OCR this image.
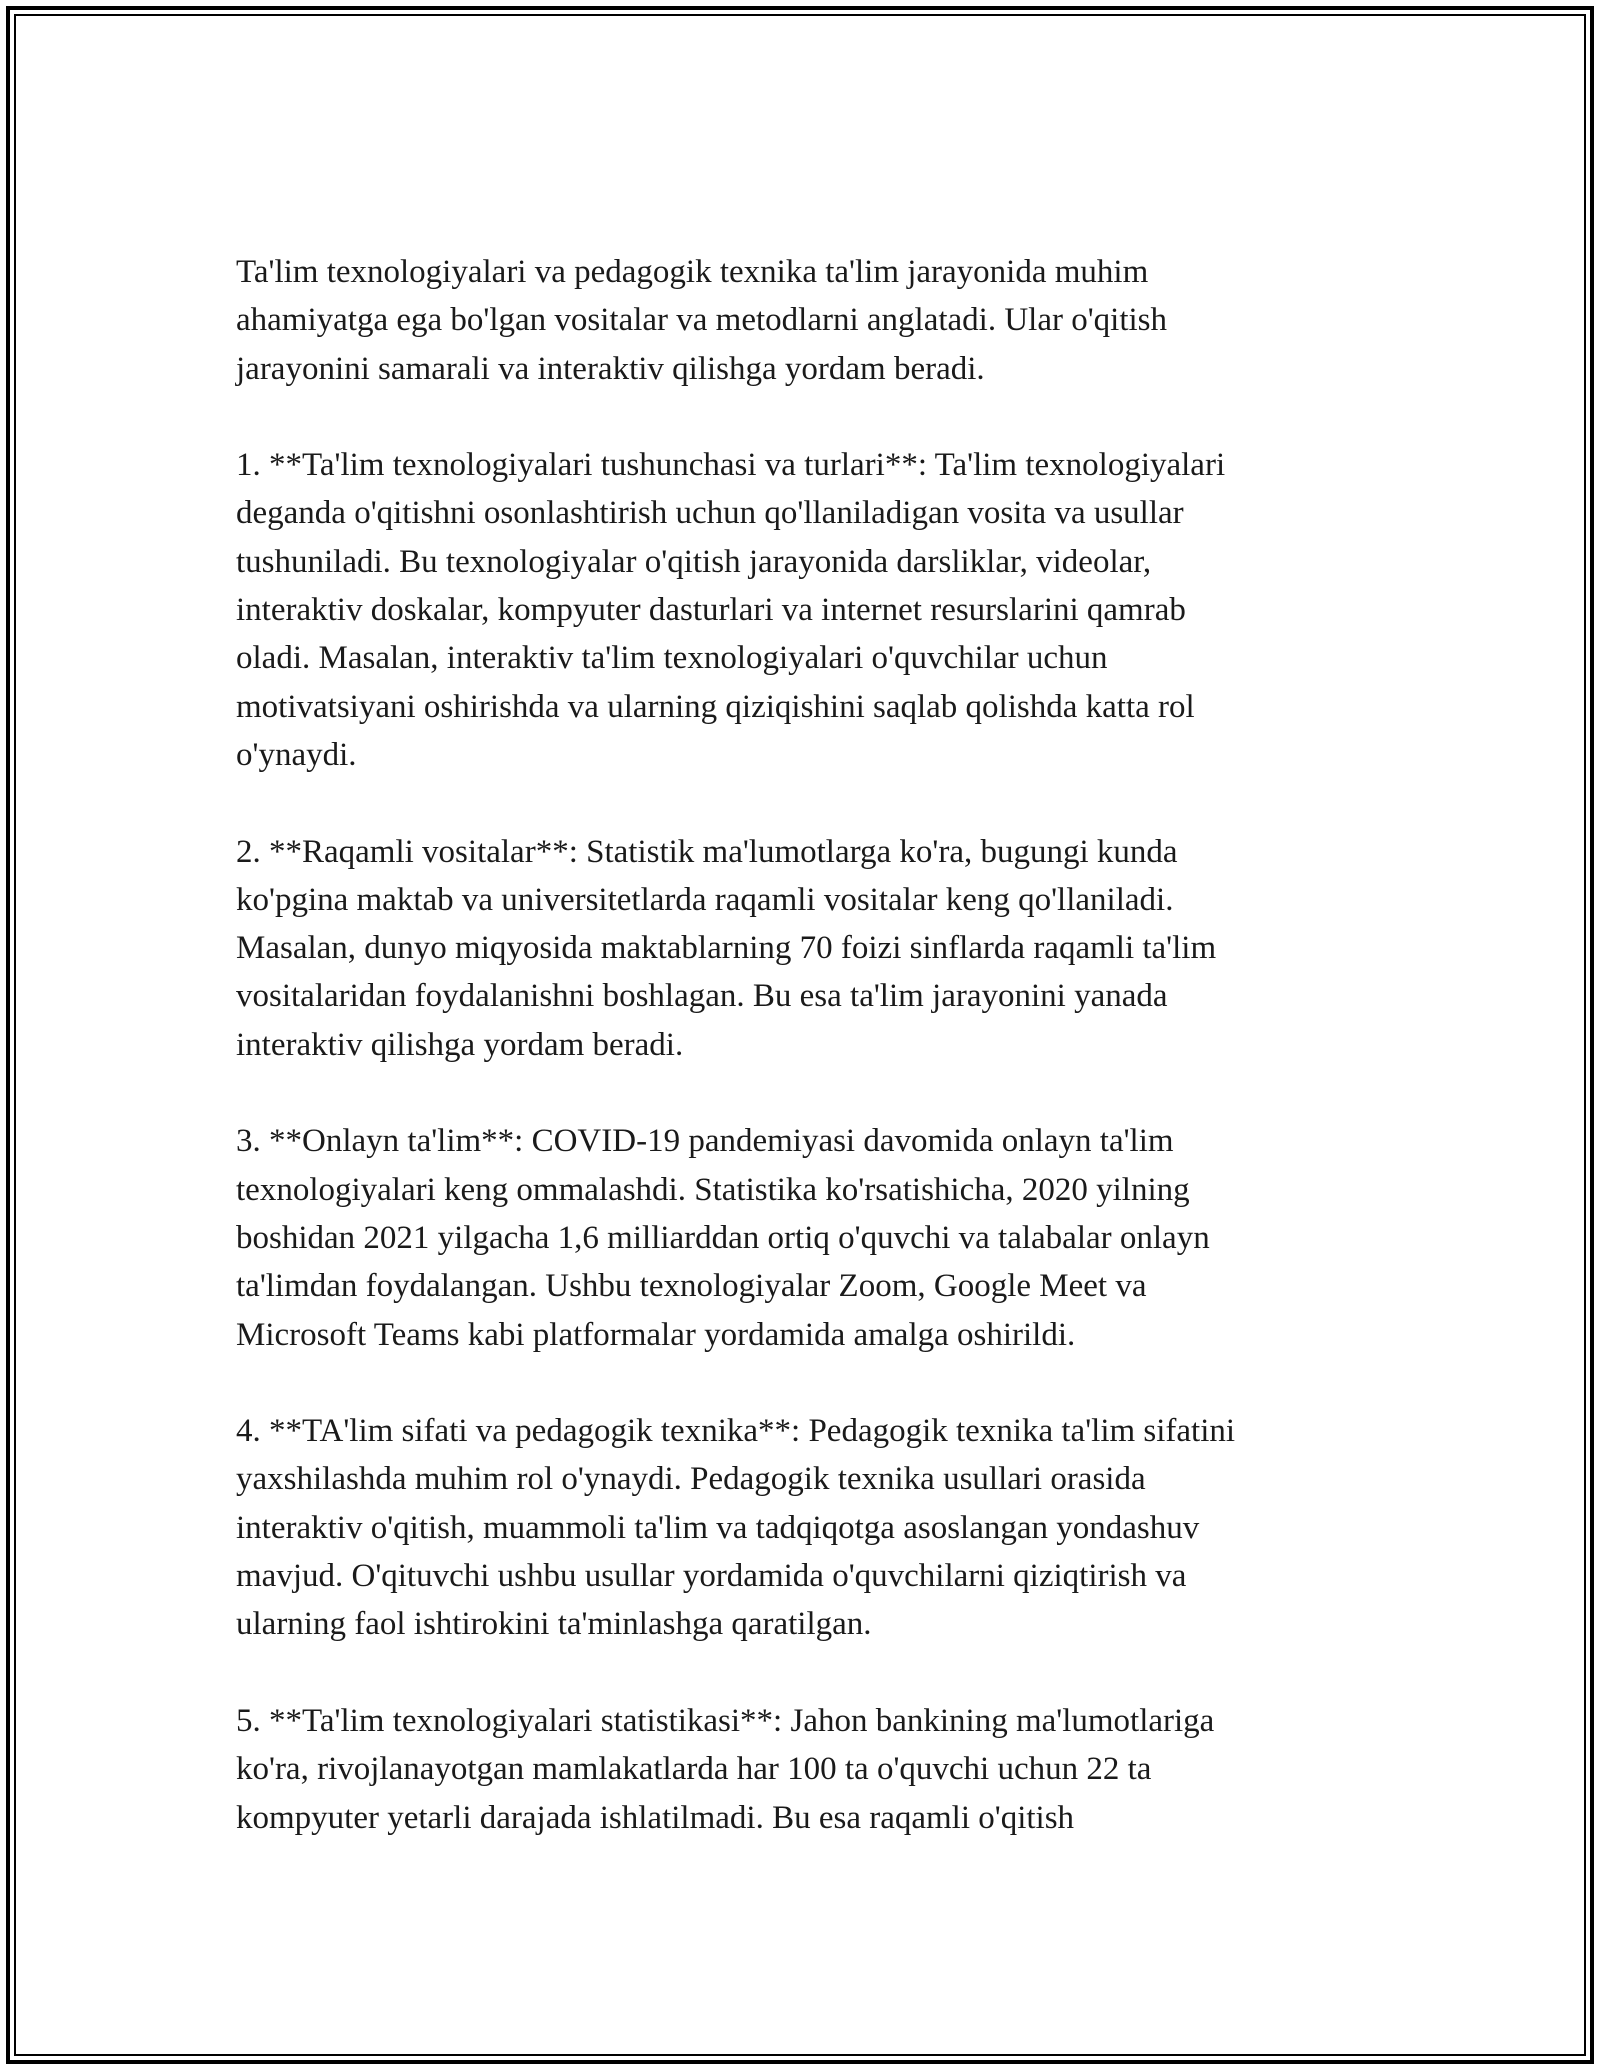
Ta'lim texnologiyalari va pedagogik texnika ta'lim jarayonida muhim
ahamiyatga ega bo'lgan vositalar va metodlarni anglatadi. Ular o'qitish
jarayonini samarali va interaktiv qilishga yordam beradi.
1. **Ta'lim texnologiyalari tushunchasi va turlari**: Ta'lim texnologiyalari
deganda o'qitishni osonlashtirish uchun qo'llaniladigan vosita va usullar
tushuniladi. Bu texnologiyalar o'qitish jarayonida darsliklar, videolar,
interaktiv doskalar, kompyuter dasturlari va internet resurslarini qamrab
oladi. Masalan, interaktiv ta'lim texnologiyalari o'quvchilar uchun
motivatsiyani oshirishda va ularning qiziqishini saqlab qolishda katta rol
o'ynaydi.
2. **Raqamli vositalar**: Statistik ma'lumotlarga ko'ra, bugungi kunda
ko'pgina maktab va universitetlarda raqamli vositalar keng qo'llaniladi.
Masalan, dunyo miqyosida maktablarning 70 foizi sinflarda raqamli ta'lim
vositalaridan foydalanishni boshlagan. Bu esa ta'lim jarayonini yanada
interaktiv qilishga yordam beradi.
3. **Onlayn ta'lim**: COVID-19 pandemiyasi davomida onlayn ta'lim
texnologiyalari keng ommalashdi. Statistika ko'rsatishicha, 2020 yilning
boshidan 2021 yilgacha 1,6 milliarddan ortiq o'quvchi va talabalar onlayn
ta'limdan foydalangan. Ushbu texnologiyalar Zoom, Google Meet va
Microsoft Teams kabi platformalar yordamida amalga oshirildi.
4. **TA'lim sifati va pedagogik texnika**: Pedagogik texnika ta'lim sifatini
yaxshilashda muhim rol o'ynaydi. Pedagogik texnika usullari orasida
interaktiv o'qitish, muammoli ta'lim va tadqiqotga asoslangan yondashuv
mavjud. O'qituvchi ushbu usullar yordamida o'quvchilarni qiziqtirish va
ularning faol ishtirokini ta'minlashga qaratilgan.
5. **Ta'lim texnologiyalari statistikasi**: Jahon bankining ma'lumotlariga
ko'ra, rivojlanayotgan mamlakatlarda har 100 ta o'quvchi uchun 22 ta
kompyuter yetarli darajada ishlatilmadi. Bu esa raqamli o'qitish
